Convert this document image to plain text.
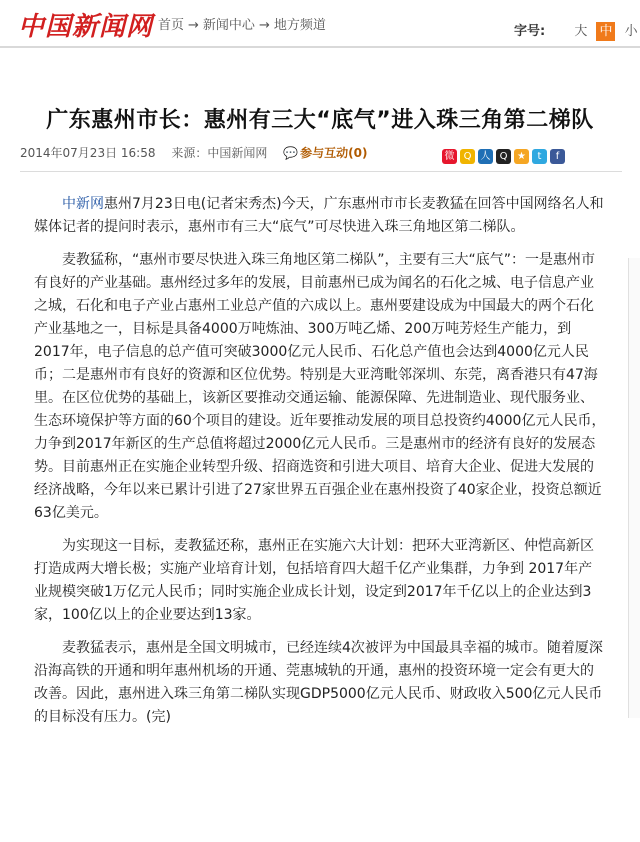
中国新闻网 首页 → 新闻中心 → 地方频道	字号: 大 中 小
广东惠州市长：惠州有三大“底气”进入珠三角第二梯队
2014年07月23日 16:58 来源：中国新闻网 💬 参与互动(0)	微 Q 人 Q ★ t f

中新网惠州7月23日电(记者宋秀杰)今天，广东惠州市市长麦教猛在回答中国网络名人和媒体记者的提问时表示，惠州市有三大“底气”可尽快进入珠三角地区第二梯队。

麦教猛称，“惠州市要尽快进入珠三角地区第二梯队”，主要有三大“底气”：一是惠州市有良好的产业基础。惠州经过多年的发展，目前惠州已成为闻名的石化之城、电子信息产业之城，石化和电子产业占惠州工业总产值的六成以上。惠州要建设成为中国最大的两个石化产业基地之一，目标是具备4000万吨炼油、300万吨乙烯、200万吨芳烃生产能力，到2017年，电子信息的总产值可突破3000亿元人民币、石化总产值也会达到4000亿元人民币；二是惠州市有良好的资源和区位优势。特别是大亚湾毗邻深圳、东莞，离香港只有47海里。在区位优势的基础上，该新区要推动交通运输、能源保障、先进制造业、现代服务业、生态环境保护等方面的60个项目的建设。近年要推动发展的项目总投资约4000亿元人民币，力争到2017年新区的生产总值将超过2000亿元人民币。三是惠州市的经济有良好的发展态势。目前惠州正在实施企业转型升级、招商选资和引进大项目、培育大企业、促进大发展的经济战略，今年以来已累计引进了27家世界五百强企业在惠州投资了40家企业，投资总额近63亿美元。

为实现这一目标，麦教猛还称，惠州正在实施六大计划：把环大亚湾新区、仲恺高新区打造成两大增长极；实施产业培育计划，包括培育四大超千亿产业集群，力争到 2017年产业规模突破1万亿元人民币；同时实施企业成长计划，设定到2017年千亿以上的企业达到3家，100亿以上的企业要达到13家。

麦教猛表示，惠州是全国文明城市，已经连续4次被评为中国最具幸福的城市。随着厦深沿海高铁的开通和明年惠州机场的开通、莞惠城轨的开通，惠州的投资环境一定会有更大的改善。因此，惠州进入珠三角第二梯队实现GDP5000亿元人民币、财政收入500亿元人民币的目标没有压力。(完)
